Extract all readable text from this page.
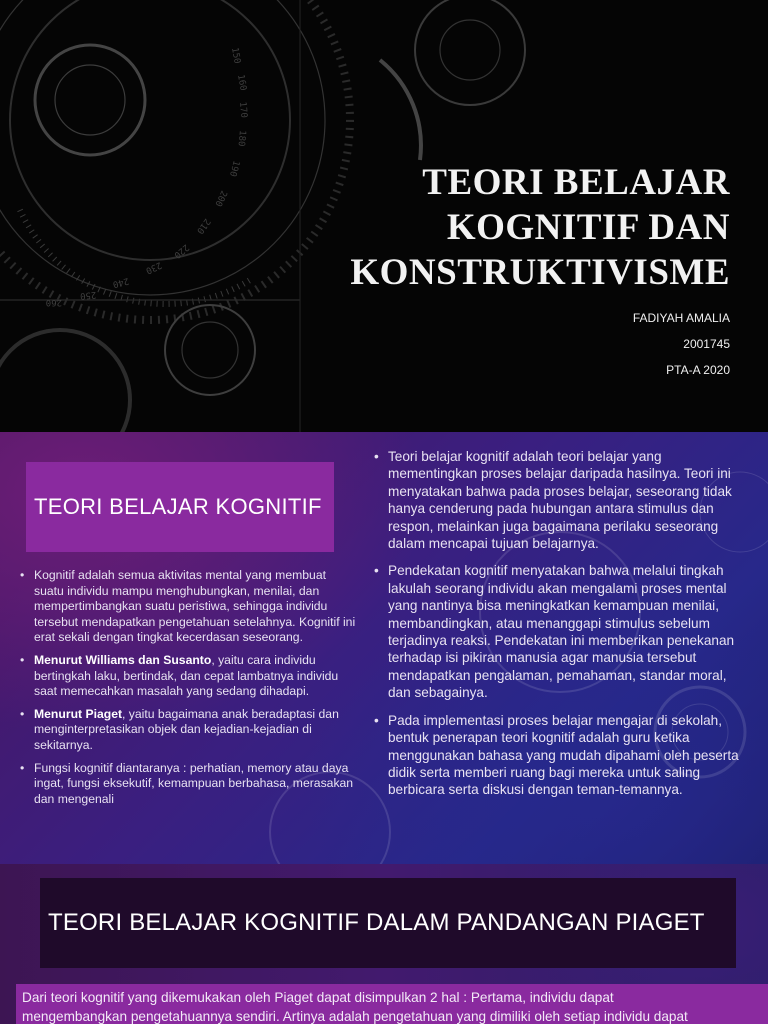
150
160
170
180
190
200
210
220
230
240
250
260
TEORI BELAJAR
KOGNITIF DAN
KONSTRUKTIVISME
FADIYAH AMALIA
2001745
PTA-A 2020
TEORI BELAJAR KOGNITIF
• Kognitif adalah semua aktivitas mental yang membuat suatu individu mampu menghubungkan, menilai, dan mempertimbangkan suatu peristiwa, sehingga individu tersebut mendapatkan pengetahuan setelahnya. Kognitif ini erat sekali dengan tingkat kecerdasan seseorang.
• Menurut Williams dan Susanto, yaitu cara individu bertingkah laku, bertindak, dan cepat lambatnya individu saat memecahkan masalah yang sedang dihadapi.
• Menurut Piaget, yaitu bagaimana anak beradaptasi dan menginterpretasikan objek dan kejadian-kejadian di sekitarnya.
• Fungsi kognitif diantaranya : perhatian, memory atau daya ingat, fungsi eksekutif, kemampuan berbahasa, merasakan dan mengenali
• Teori belajar kognitif adalah teori belajar yang mementingkan proses belajar daripada hasilnya. Teori ini menyatakan bahwa pada proses belajar, seseorang tidak hanya cenderung pada hubungan antara stimulus dan respon, melainkan juga bagaimana perilaku seseorang dalam mencapai tujuan belajarnya.
• Pendekatan kognitif menyatakan bahwa melalui tingkah lakulah seorang individu akan mengalami proses mental yang nantinya bisa meningkatkan kemampuan menilai, membandingkan, atau menanggapi stimulus sebelum terjadinya reaksi. Pendekatan ini memberikan penekanan terhadap isi pikiran manusia agar manusia tersebut mendapatkan pengalaman, pemahaman, standar moral, dan sebagainya.
• Pada implementasi proses belajar mengajar di sekolah, bentuk penerapan teori kognitif adalah guru ketika menggunakan bahasa yang mudah dipahami oleh peserta didik serta memberi ruang bagi mereka untuk saling berbicara serta diskusi dengan teman-temannya.
TEORI BELAJAR KOGNITIF DALAM PANDANGAN PIAGET
Dari teori kognitif yang dikemukakan oleh Piaget dapat disimpulkan 2 hal : Pertama, individu dapat
mengembangkan pengetahuannya sendiri. Artinya adalah pengetahuan yang dimiliki oleh setiap individu dapat
